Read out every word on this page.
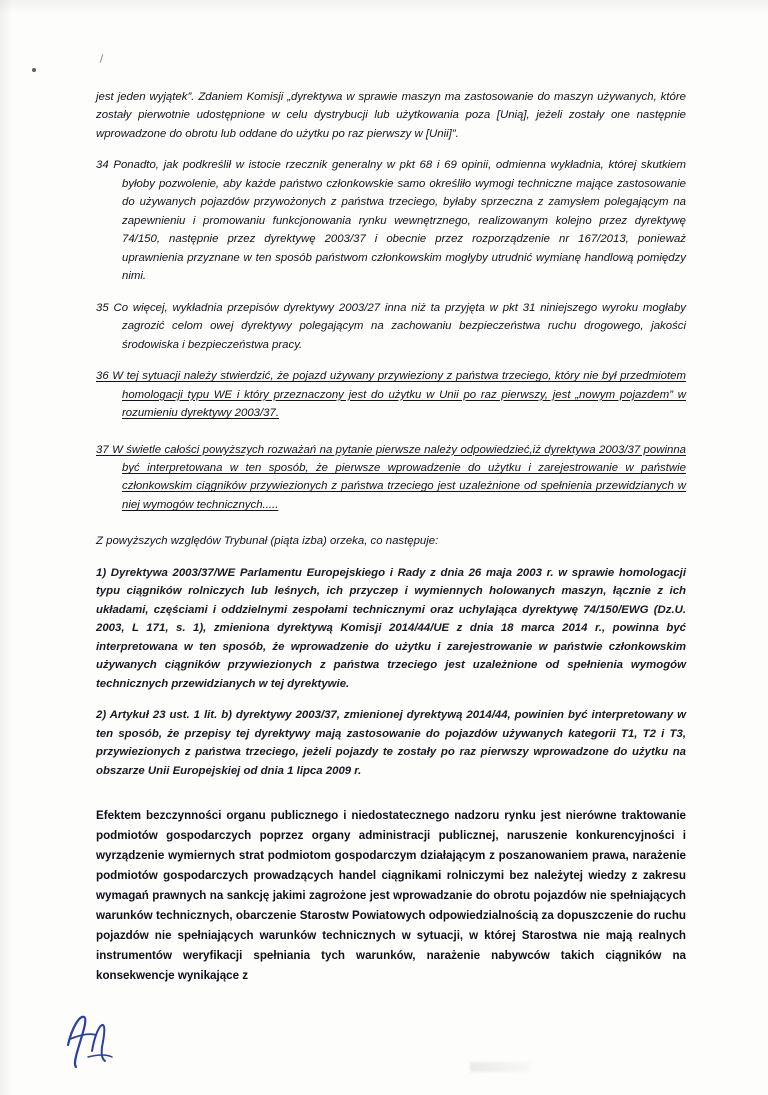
jest jeden wyjątek”. Zdaniem Komisji „dyrektywa w sprawie maszyn ma zastosowanie do maszyn używanych, które zostały pierwotnie udostępnione w celu dystrybucji lub użytkowania poza [Unią], jeżeli zostały one następnie wprowadzone do obrotu lub oddane do użytku po raz pierwszy w [Unii]”.

34 Ponadto, jak podkreślił w istocie rzecznik generalny w pkt 68 i 69 opinii, odmienna wykładnia, której skutkiem byłoby pozwolenie, aby każde państwo członkowskie samo określiło wymogi techniczne mające zastosowanie do używanych pojazdów przywożonych z państwa trzeciego, byłaby sprzeczna z zamysłem polegającym na zapewnieniu i promowaniu funkcjonowania rynku wewnętrznego, realizowanym kolejno przez dyrektywę 74/150, następnie przez dyrektywę 2003/37 i obecnie przez rozporządzenie nr 167/2013, ponieważ uprawnienia przyznane w ten sposób państwom członkowskim mogłyby utrudnić wymianę handlową pomiędzy nimi.

35 Co więcej, wykładnia przepisów dyrektywy 2003/27 inna niż ta przyjęta w pkt 31 niniejszego wyroku mogłaby zagrozić celom owej dyrektywy polegającym na zachowaniu bezpieczeństwa ruchu drogowego, jakości środowiska i bezpieczeństwa pracy.

36 W tej sytuacji należy stwierdzić, że pojazd używany przywieziony z państwa trzeciego, który nie był przedmiotem homologacji typu WE i który przeznaczony jest do użytku w Unii po raz pierwszy, jest „nowym pojazdem” w rozumieniu dyrektywy 2003/37.

37 W świetle całości powyższych rozważań na pytanie pierwsze należy odpowiedzieć,iż dyrektywa 2003/37 powinna być interpretowana w ten sposób, że pierwsze wprowadzenie do użytku i zarejestrowanie w państwie członkowskim ciągników przywiezionych z państwa trzeciego jest uzależnione od spełnienia przewidzianych w niej wymogów technicznych.....

Z powyższych względów Trybunał (piąta izba) orzeka, co następuje:

1) Dyrektywa 2003/37/WE Parlamentu Europejskiego i Rady z dnia 26 maja 2003 r. w sprawie homologacji typu ciągników rolniczych lub leśnych, ich przyczep i wymiennych holowanych maszyn, łącznie z ich układami, częściami i oddzielnymi zespołami technicznymi oraz uchylająca dyrektywę 74/150/EWG (Dz.U. 2003, L 171, s. 1), zmieniona dyrektywą Komisji 2014/44/UE z dnia 18 marca 2014 r., powinna być interpretowana w ten sposób, że wprowadzenie do użytku i zarejestrowanie w państwie członkowskim używanych ciągników przywiezionych z państwa trzeciego jest uzależnione od spełnienia wymogów technicznych przewidzianych w tej dyrektywie.

2) Artykuł 23 ust. 1 lit. b) dyrektywy 2003/37, zmienionej dyrektywą 2014/44, powinien być interpretowany w ten sposób, że przepisy tej dyrektywy mają zastosowanie do pojazdów używanych kategorii T1, T2 i T3, przywiezionych z państwa trzeciego, jeżeli pojazdy te zostały po raz pierwszy wprowadzone do użytku na obszarze Unii Europejskiej od dnia 1 lipca 2009 r.

Efektem bezczynności organu publicznego i niedostatecznego nadzoru rynku jest nierówne traktowanie podmiotów gospodarczych poprzez organy administracji publicznej, naruszenie konkurencyjności i wyrządzenie wymiernych strat podmiotom gospodarczym działającym z poszanowaniem prawa, narażenie podmiotów gospodarczych prowadzących handel ciągnikami rolniczymi bez należytej wiedzy z zakresu wymagań prawnych na sankcję jakimi zagrożone jest wprowadzanie do obrotu pojazdów nie spełniających warunków technicznych, obarczenie Starostw Powiatowych odpowiedzialnością za dopuszczenie do ruchu pojazdów nie spełniających warunków technicznych w sytuacji, w której Starostwa nie mają realnych instrumentów weryfikacji spełniania tych warunków, narażenie nabywców takich ciągników na konsekwencje wynikające z
